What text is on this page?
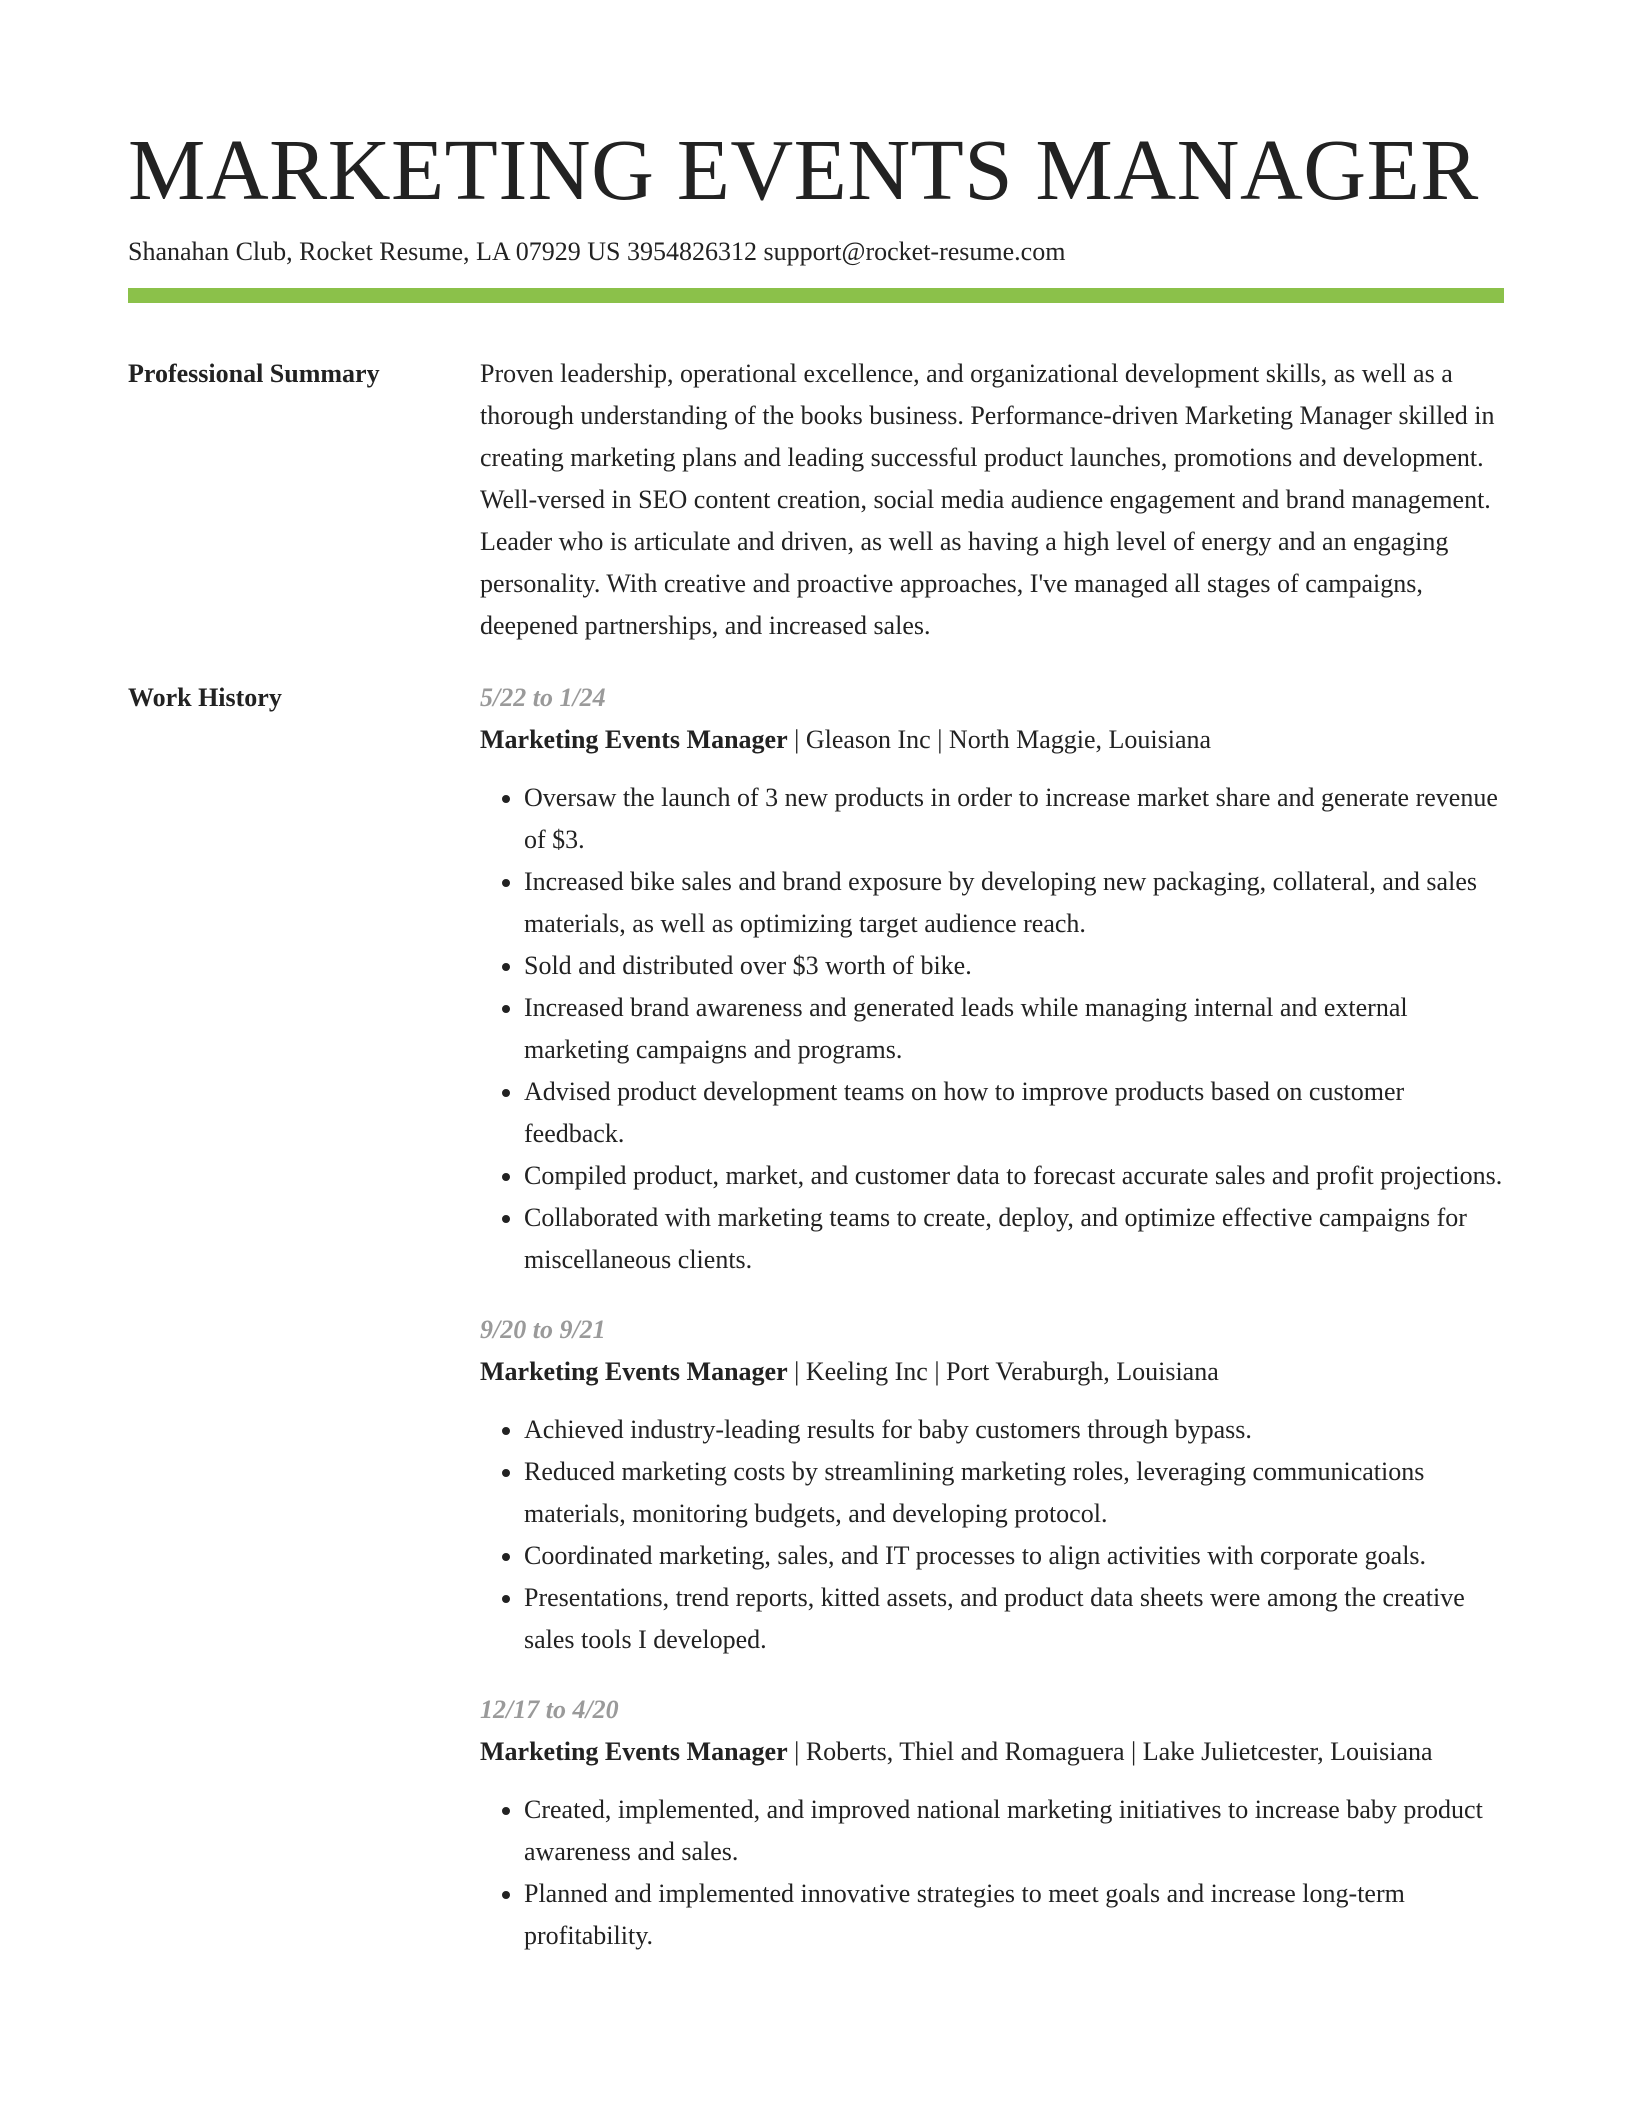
MARKETING EVENTS MANAGER
Shanahan Club, Rocket Resume, LA 07929 US 3954826312 support@rocket-resume.com
Professional Summary	Proven leadership, operational excellence, and organizational development skills, as well as a thorough understanding of the books business. Performance-driven Marketing Manager skilled in creating marketing plans and leading successful product launches, promotions and development. Well-versed in SEO content creation, social media audience engagement and brand management. Leader who is articulate and driven, as well as having a high level of energy and an engaging personality. With creative and proactive approaches, I've managed all stages of campaigns, deepened partnerships, and increased sales.

Work History	5/22 to 1/24
Marketing Events Manager | Gleason Inc | North Maggie, Louisiana
• Oversaw the launch of 3 new products in order to increase market share and generate revenue of $3.
• Increased bike sales and brand exposure by developing new packaging, collateral, and sales materials, as well as optimizing target audience reach.
• Sold and distributed over $3 worth of bike.
• Increased brand awareness and generated leads while managing internal and external marketing campaigns and programs.
• Advised product development teams on how to improve products based on customer feedback.
• Compiled product, market, and customer data to forecast accurate sales and profit projections.
• Collaborated with marketing teams to create, deploy, and optimize effective campaigns for miscellaneous clients.
9/20 to 9/21
Marketing Events Manager | Keeling Inc | Port Veraburgh, Louisiana
• Achieved industry-leading results for baby customers through bypass.
• Reduced marketing costs by streamlining marketing roles, leveraging communications materials, monitoring budgets, and developing protocol.
• Coordinated marketing, sales, and IT processes to align activities with corporate goals.
• Presentations, trend reports, kitted assets, and product data sheets were among the creative sales tools I developed.
12/17 to 4/20
Marketing Events Manager | Roberts, Thiel and Romaguera | Lake Julietcester, Louisiana
• Created, implemented, and improved national marketing initiatives to increase baby product awareness and sales.
• Planned and implemented innovative strategies to meet goals and increase long-term profitability.
